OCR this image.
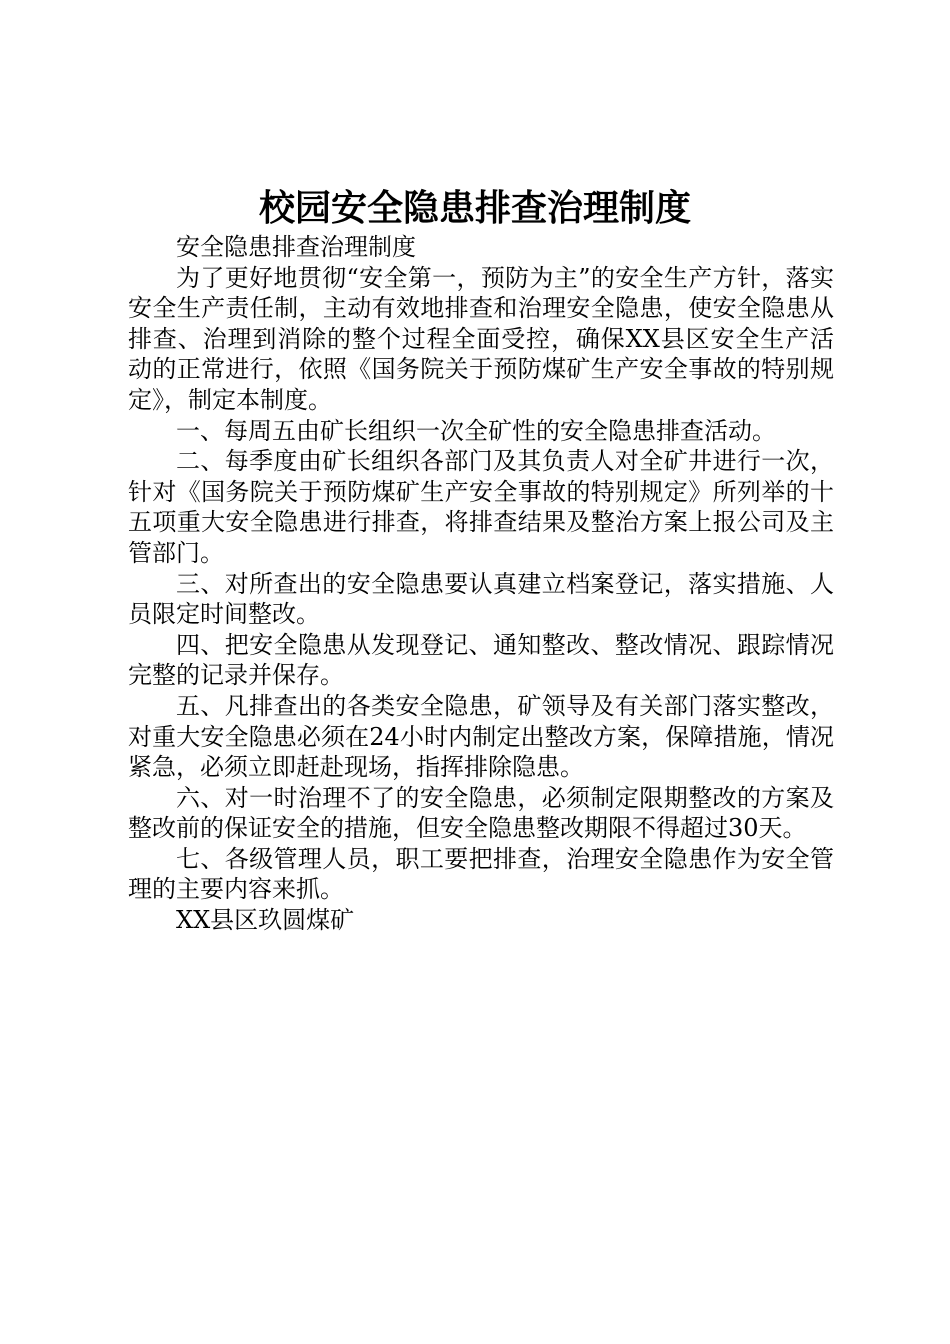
校园安全隐患排查治理制度

安全隐患排查治理制度

为了更好地贯彻“安全第一，预防为主”的安全生产方针，落实安全生产责任制，主动有效地排查和治理安全隐患，使安全隐患从排查、治理到消除的整个过程全面受控，确保XX县区安全生产活动的正常进行，依照《国务院关于预防煤矿生产安全事故的特别规定》，制定本制度。

一、每周五由矿长组织一次全矿性的安全隐患排查活动。

二、每季度由矿长组织各部门及其负责人对全矿井进行一次，针对《国务院关于预防煤矿生产安全事故的特别规定》所列举的十五项重大安全隐患进行排查，将排查结果及整治方案上报公司及主管部门。

三、对所查出的安全隐患要认真建立档案登记，落实措施、人员限定时间整改。

四、把安全隐患从发现登记、通知整改、整改情况、跟踪情况完整的记录并保存。

五、凡排查出的各类安全隐患，矿领导及有关部门落实整改，对重大安全隐患必须在24小时内制定出整改方案，保障措施，情况紧急，必须立即赶赴现场，指挥排除隐患。

六、对一时治理不了的安全隐患，必须制定限期整改的方案及整改前的保证安全的措施，但安全隐患整改期限不得超过30天。

七、各级管理人员，职工要把排查，治理安全隐患作为安全管理的主要内容来抓。

XX县区玖圆煤矿
